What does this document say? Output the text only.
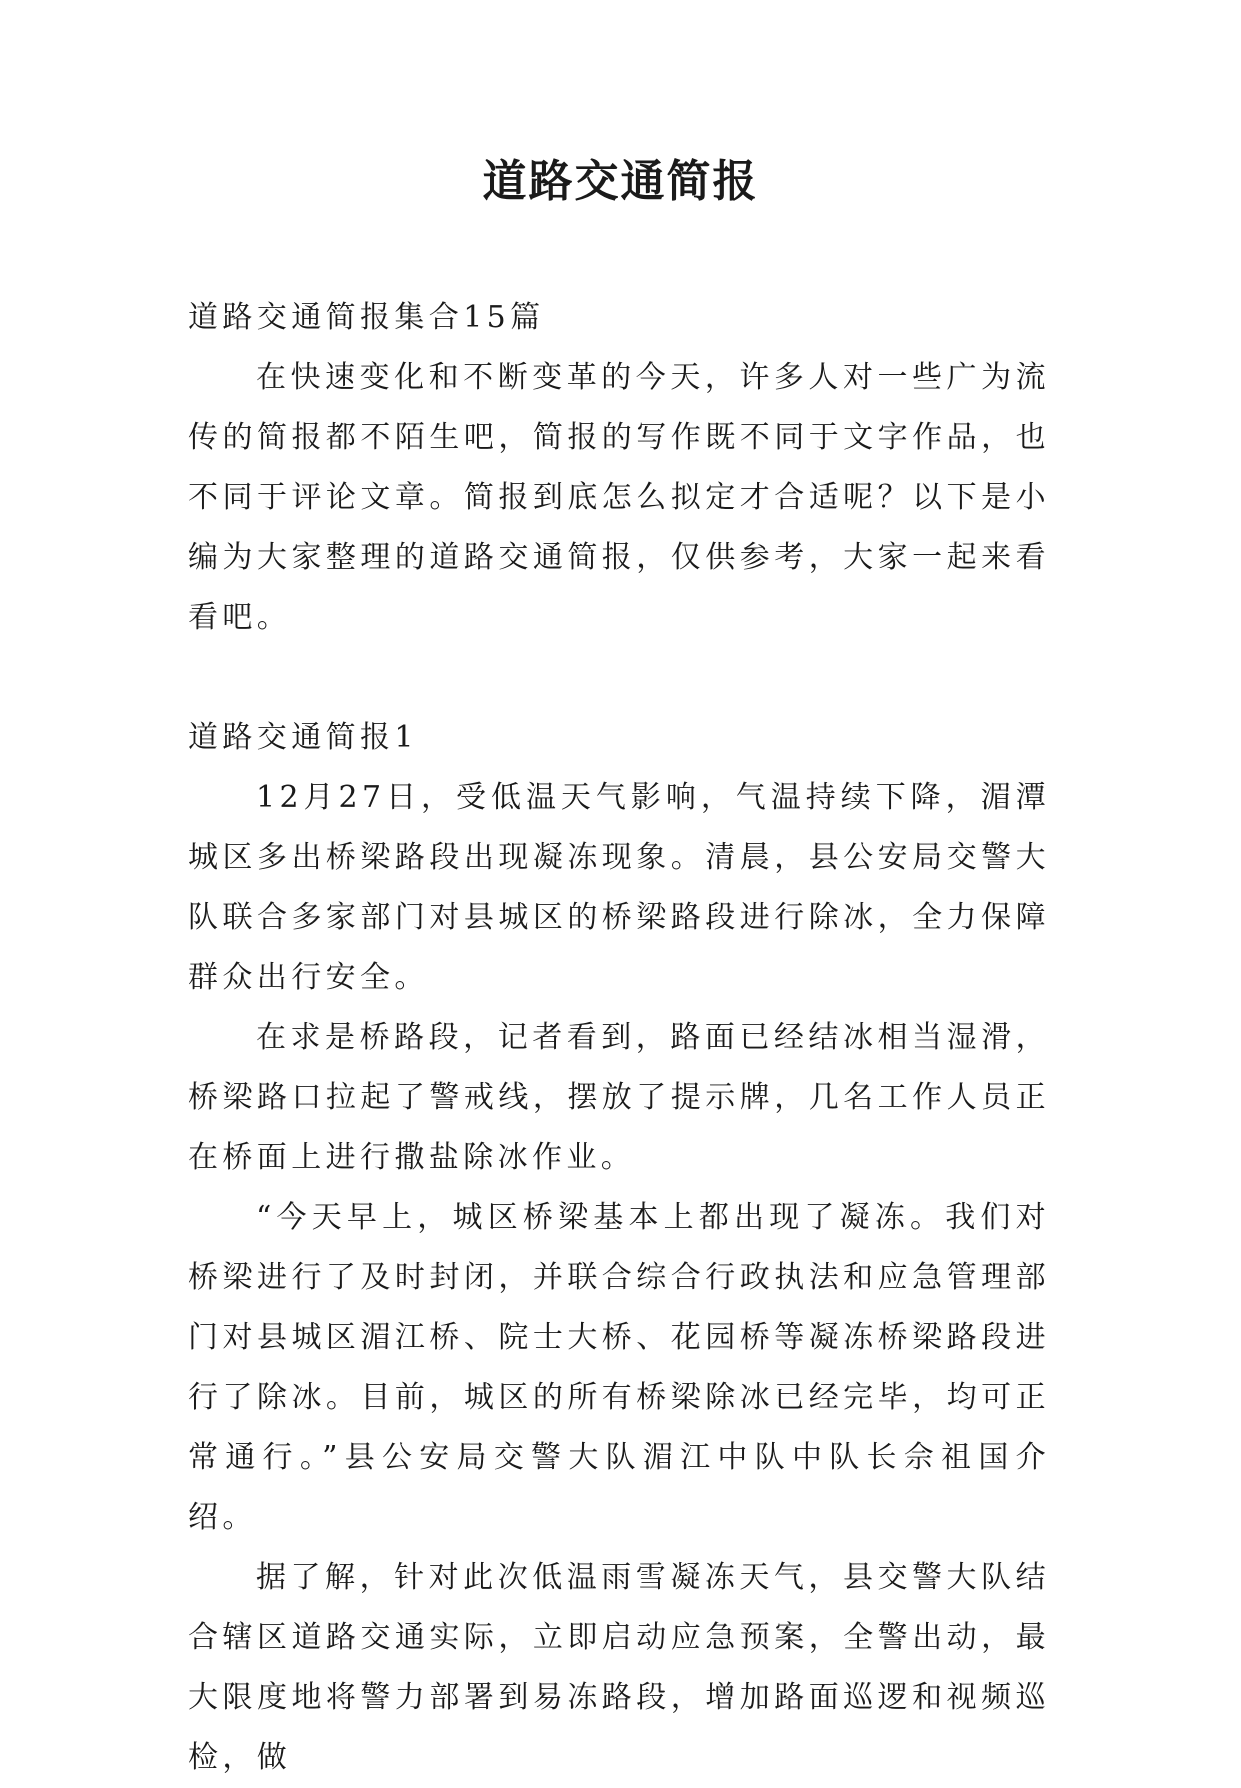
道路交通简报

道路交通简报集合15篇

在快速变化和不断变革的今天，许多人对一些广为流传的简报都不陌生吧，简报的写作既不同于文字作品，也不同于评论文章。简报到底怎么拟定才合适呢？以下是小编为大家整理的道路交通简报，仅供参考，大家一起来看看吧。

道路交通简报1

12月27日，受低温天气影响，气温持续下降，湄潭城区多出桥梁路段出现凝冻现象。清晨，县公安局交警大队联合多家部门对县城区的桥梁路段进行除冰，全力保障群众出行安全。

在求是桥路段，记者看到，路面已经结冰相当湿滑，桥梁路口拉起了警戒线，摆放了提示牌，几名工作人员正在桥面上进行撒盐除冰作业。

“今天早上，城区桥梁基本上都出现了凝冻。我们对桥梁进行了及时封闭，并联合综合行政执法和应急管理部门对县城区湄江桥、院士大桥、花园桥等凝冻桥梁路段进行了除冰。目前，城区的所有桥梁除冰已经完毕，均可正常通行。”县公安局交警大队湄江中队中队长佘祖国介绍。

据了解，针对此次低温雨雪凝冻天气，县交警大队结合辖区道路交通实际，立即启动应急预案，全警出动，最大限度地将警力部署到易冻路段，增加路面巡逻和视频巡检，做
